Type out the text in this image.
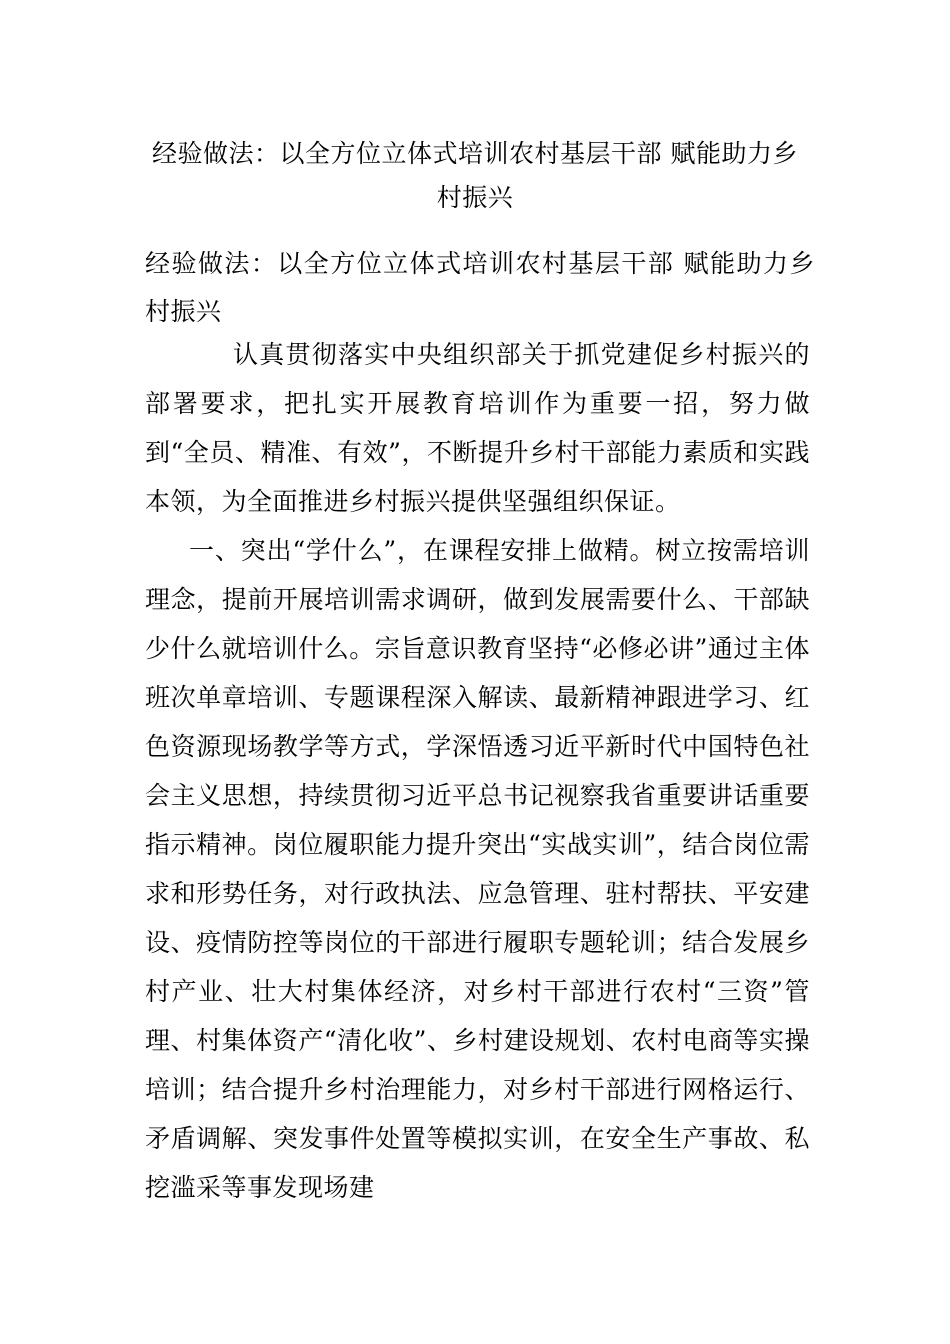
经验做法：以全方位立体式培训农村基层干部 赋能助力乡村振兴
经验做法：以全方位立体式培训农村基层干部 赋能助力乡村振兴
认真贯彻落实中央组织部关于抓党建促乡村振兴的部署要求，把扎实开展教育培训作为重要一招，努力做到“全员、精准、有效”，不断提升乡村干部能力素质和实践本领，为全面推进乡村振兴提供坚强组织保证。
一、突出“学什么”，在课程安排上做精。树立按需培训理念，提前开展培训需求调研，做到发展需要什么、干部缺少什么就培训什么。宗旨意识教育坚持“必修必讲”通过主体班次单章培训、专题课程深入解读、最新精神跟进学习、红色资源现场教学等方式，学深悟透习近平新时代中国特色社会主义思想，持续贯彻习近平总书记视察我省重要讲话重要指示精神。岗位履职能力提升突出“实战实训”，结合岗位需求和形势任务，对行政执法、应急管理、驻村帮扶、平安建设、疫情防控等岗位的干部进行履职专题轮训；结合发展乡村产业、壮大村集体经济，对乡村干部进行农村“三资”管理、村集体资产“清化收”、乡村建设规划、农村电商等实操培训；结合提升乡村治理能力，对乡村干部进行网格运行、矛盾调解、突发事件处置等模拟实训，在安全生产事故、私挖滥采等事发现场建
